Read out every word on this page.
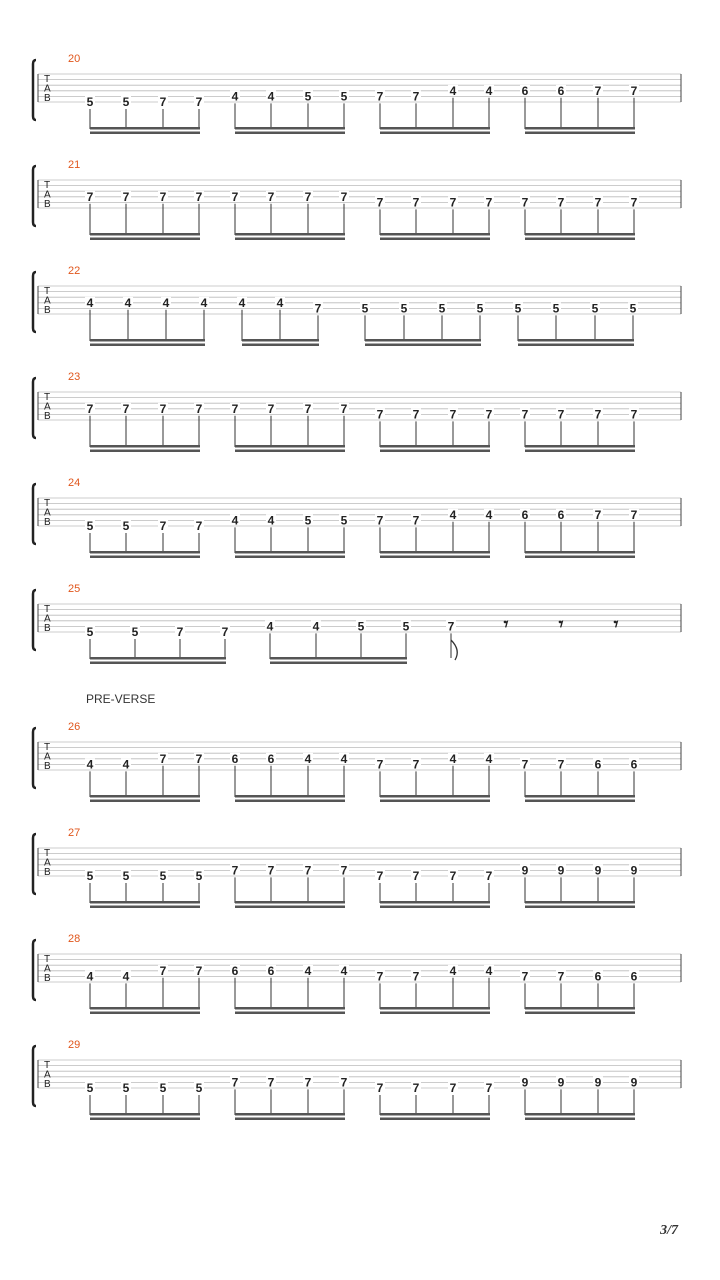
20
T
A
B	5 5	7 7 4 4	5 5 7 7	4 4 6 6	7 7
21
T
A
B
7 7	7 7 7 7	7 7 7 7	7 7 7 7	7 7
22
T
A
B
4	4	4	4	4	4	7	5	5	5	5	5	5	5	5
23
T
A
B
7 7	7 7 7 7	7 7 7 7	7 7 7 7	7 7
24
T
A
B	5 5	7 7 4 4	5 5 7 7	4 4 6 6	7 7
25
T
A
B	5	5	7	7	4	4	5	5	7	𝄾	𝄾	𝄾
26
T
A
B	4 4	7 7 6 6	4 4 7 7	4 4 7 7	6 6
27
T
A
B	5 5	5 5 7 7	7 7 7 7	7 7 9 9	9 9
28
T
A
B	4 4	7 7 6 6	4 4 7 7	4 4 7 7	6 6
29
T
A
B	5 5	5 5 7 7	7 7 7 7	7 7 9 9	9 9

PRE-VERSE

3/7
